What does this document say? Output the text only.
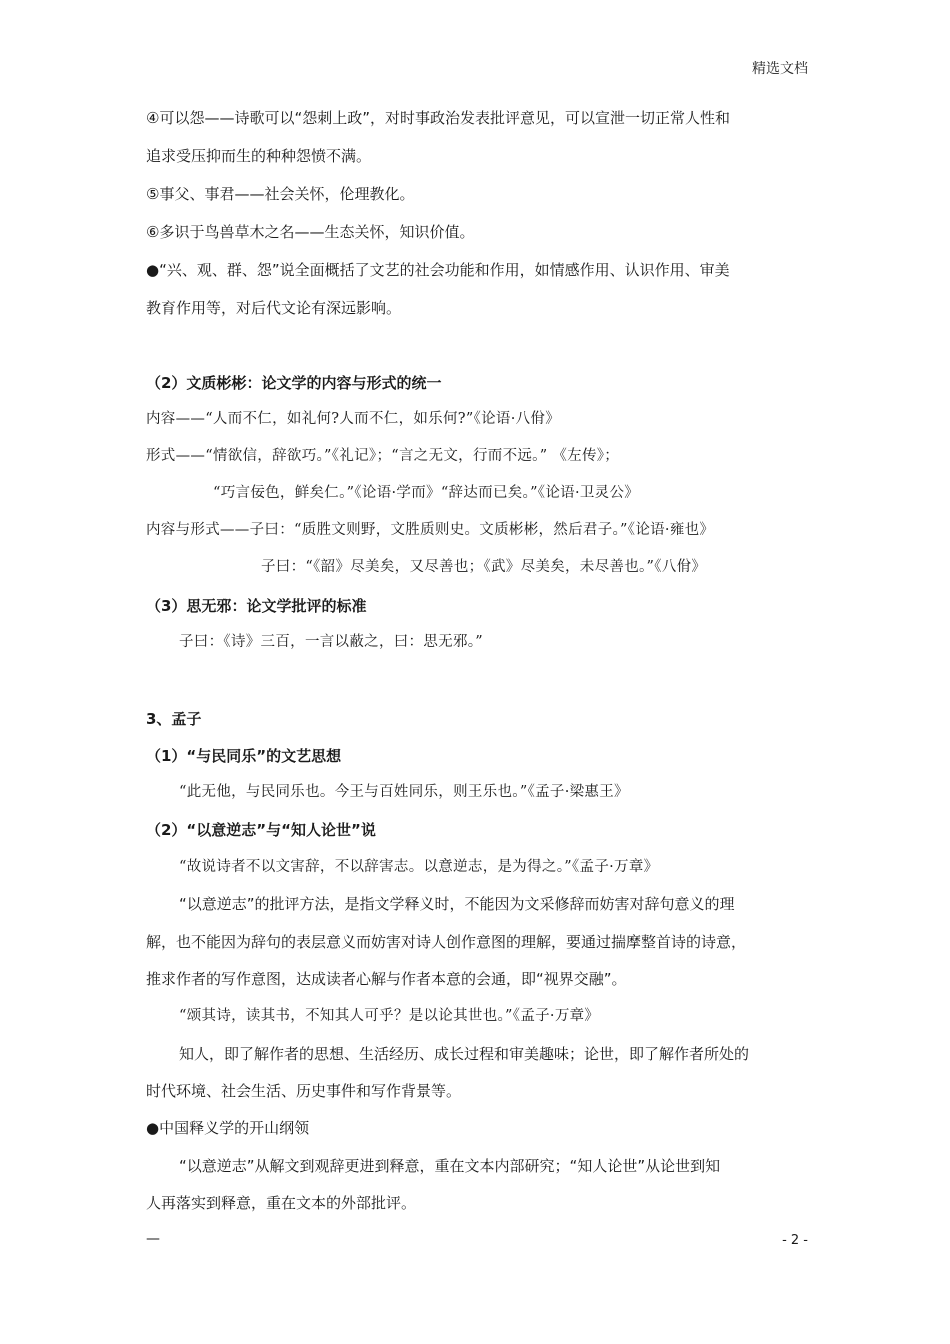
精选文档
④可以怨——诗歌可以“怨刺上政”，对时事政治发表批评意见，可以宣泄一切正常人性和
追求受压抑而生的种种怨愤不满。
⑤事父、事君——社会关怀，伦理教化。
⑥多识于鸟兽草木之名——生态关怀，知识价值。
●“兴、观、群、怨”说全面概括了文艺的社会功能和作用，如情感作用、认识作用、审美
教育作用等，对后代文论有深远影响。
（2）文质彬彬：论文学的内容与形式的统一
内容——“人而不仁，如礼何?人而不仁，如乐何?”《论语·八佾》
形式——“情欲信，辞欲巧。”《礼记》；“言之无文，行而不远。” 《左传》；
“巧言佞色，鲜矣仁。”《论语·学而》“辞达而已矣。”《论语·卫灵公》
内容与形式——子曰：“质胜文则野，文胜质则史。文质彬彬，然后君子。”《论语·雍也》
子曰：“《韶》尽美矣，又尽善也；《武》尽美矣，未尽善也。”《八佾》
（3）思无邪：论文学批评的标准
子曰：《诗》三百，一言以蔽之，曰：思无邪。”
3、孟子
（1）“与民同乐”的文艺思想
“此无他，与民同乐也。今王与百姓同乐，则王乐也。”《孟子·梁惠王》
（2）“以意逆志”与“知人论世”说
“故说诗者不以文害辞，不以辞害志。以意逆志，是为得之。”《孟子·万章》
“以意逆志”的批评方法，是指文学释义时，不能因为文采修辞而妨害对辞句意义的理
解，也不能因为辞句的表层意义而妨害对诗人创作意图的理解，要通过揣摩整首诗的诗意，
推求作者的写作意图，达成读者心解与作者本意的会通，即“视界交融”。
“颂其诗，读其书，不知其人可乎？是以论其世也。”《孟子·万章》
知人，即了解作者的思想、生活经历、成长过程和审美趣味；论世，即了解作者所处的
时代环境、社会生活、历史事件和写作背景等。
●中国释义学的开山纲领
“以意逆志”从解文到观辞更进到释意，重在文本内部研究；“知人论世”从论世到知
人再落实到释意，重在文本的外部批评。
—	- 2 -
